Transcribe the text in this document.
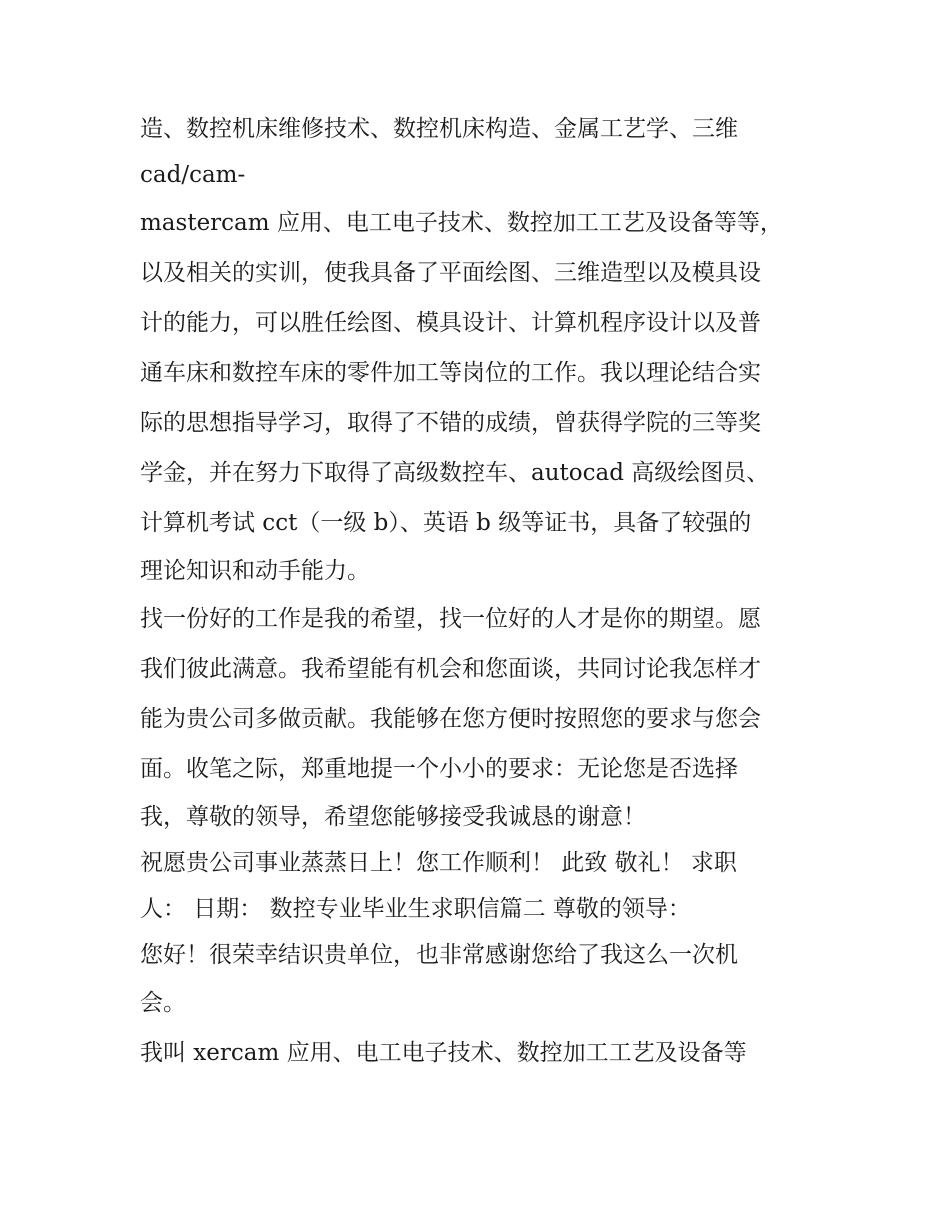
造、数控机床维修技术、数控机床构造、金属工艺学、三维
cad/cam-
mastercam 应用、电工电子技术、数控加工工艺及设备等等，
以及相关的实训，使我具备了平面绘图、三维造型以及模具设
计的能力，可以胜任绘图、模具设计、计算机程序设计以及普
通车床和数控车床的零件加工等岗位的工作。我以理论结合实
际的思想指导学习，取得了不错的成绩，曾获得学院的三等奖
学金，并在努力下取得了高级数控车、autocad 高级绘图员、
计算机考试 cct（一级 b）、英语 b 级等证书，具备了较强的
理论知识和动手能力。
找一份好的工作是我的希望，找一位好的人才是你的期望。愿
我们彼此满意。我希望能有机会和您面谈，共同讨论我怎样才
能为贵公司多做贡献。我能够在您方便时按照您的要求与您会
面。收笔之际，郑重地提一个小小的要求：无论您是否选择
我，尊敬的领导，希望您能够接受我诚恳的谢意！
祝愿贵公司事业蒸蒸日上！您工作顺利！ 此致 敬礼！ 求职
人： 日期： 数控专业毕业生求职信篇二 尊敬的领导：
您好！很荣幸结识贵单位，也非常感谢您给了我这么一次机
会。
我叫 xercam 应用、电工电子技术、数控加工工艺及设备等
